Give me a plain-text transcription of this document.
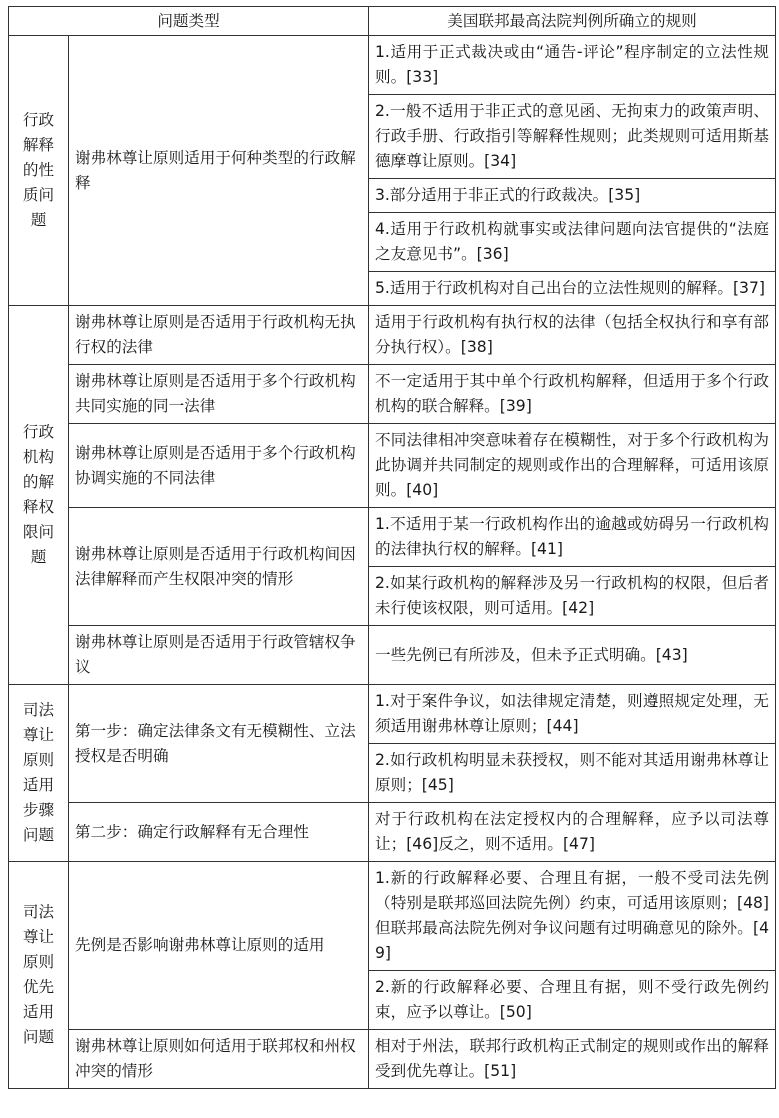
问题类型		美国联邦最高法院判例所确立的规则
行政解释的性质问题	谢弗林尊让原则适用于何种类型的行政解释	1.适用于正式裁决或由“通告-评论”程序制定的立法性规则。[33]
		2.一般不适用于非正式的意见函、无拘束力的政策声明、行政手册、行政指引等解释性规则；此类规则可适用斯基德摩尊让原则。[34]
		3.部分适用于非正式的行政裁决。[35]
		4.适用于行政机构就事实或法律问题向法官提供的“法庭之友意见书”。[36]
		5.适用于行政机构对自己出台的立法性规则的解释。[37]
行政机构的解释权限问题	谢弗林尊让原则是否适用于行政机构无执行权的法律	适用于行政机构有执行权的法律（包括全权执行和享有部分执行权）。[38]
	谢弗林尊让原则是否适用于多个行政机构共同实施的同一法律	不一定适用于其中单个行政机构解释，但适用于多个行政机构的联合解释。[39]
	谢弗林尊让原则是否适用于多个行政机构协调实施的不同法律	不同法律相冲突意味着存在模糊性，对于多个行政机构为此协调并共同制定的规则或作出的合理解释，可适用该原则。[40]
	谢弗林尊让原则是否适用于行政机构间因法律解释而产生权限冲突的情形	1.不适用于某一行政机构作出的逾越或妨碍另一行政机构的法律执行权的解释。[41]
		2.如某行政机构的解释涉及另一行政机构的权限，但后者未行使该权限，则可适用。[42]
	谢弗林尊让原则是否适用于行政管辖权争议	一些先例已有所涉及，但未予正式明确。[43]
司法尊让原则适用步骤问题	第一步：确定法律条文有无模糊性、立法授权是否明确	1.对于案件争议，如法律规定清楚，则遵照规定处理，无须适用谢弗林尊让原则；[44]
		2.如行政机构明显未获授权，则不能对其适用谢弗林尊让原则；[45]
	第二步：确定行政解释有无合理性	对于行政机构在法定授权内的合理解释，应予以司法尊让；[46]反之，则不适用。[47]
司法尊让原则优先适用问题	先例是否影响谢弗林尊让原则的适用	1.新的行政解释必要、合理且有据，一般不受司法先例（特别是联邦巡回法院先例）约束，可适用该原则；[48]但联邦最高法院先例对争议问题有过明确意见的除外。[49]
		2.新的行政解释必要、合理且有据，则不受行政先例约束，应予以尊让。[50]
	谢弗林尊让原则如何适用于联邦权和州权冲突的情形	相对于州法，联邦行政机构正式制定的规则或作出的解释受到优先尊让。[51]
